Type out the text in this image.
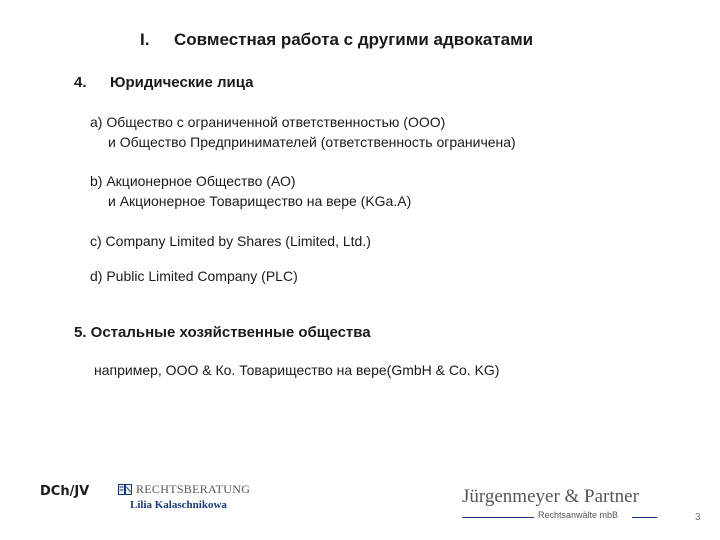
I. Совместная работа с другими адвокатами
4. Юридические лица
a) Общество с ограниченной ответственностью (ООО)
и Общество Предпринимателей (ответственность ограничена)
b) Акционерное Общество (АО)
и Акционерное Товарищество на вере (KGa.A)
c) Company Limited by Shares (Limited, Ltd.)
d) Public Limited Company (PLC)
5. Остальные хозяйственные общества
например, ООО & Ко. Товарищество на вере(GmbH & Co. KG)
DCh/JV	RECHTSBERATUNG
Lilia Kalaschnikowa	Jürgenmeyer & Partner
Rechtsanwälte mbB	3
